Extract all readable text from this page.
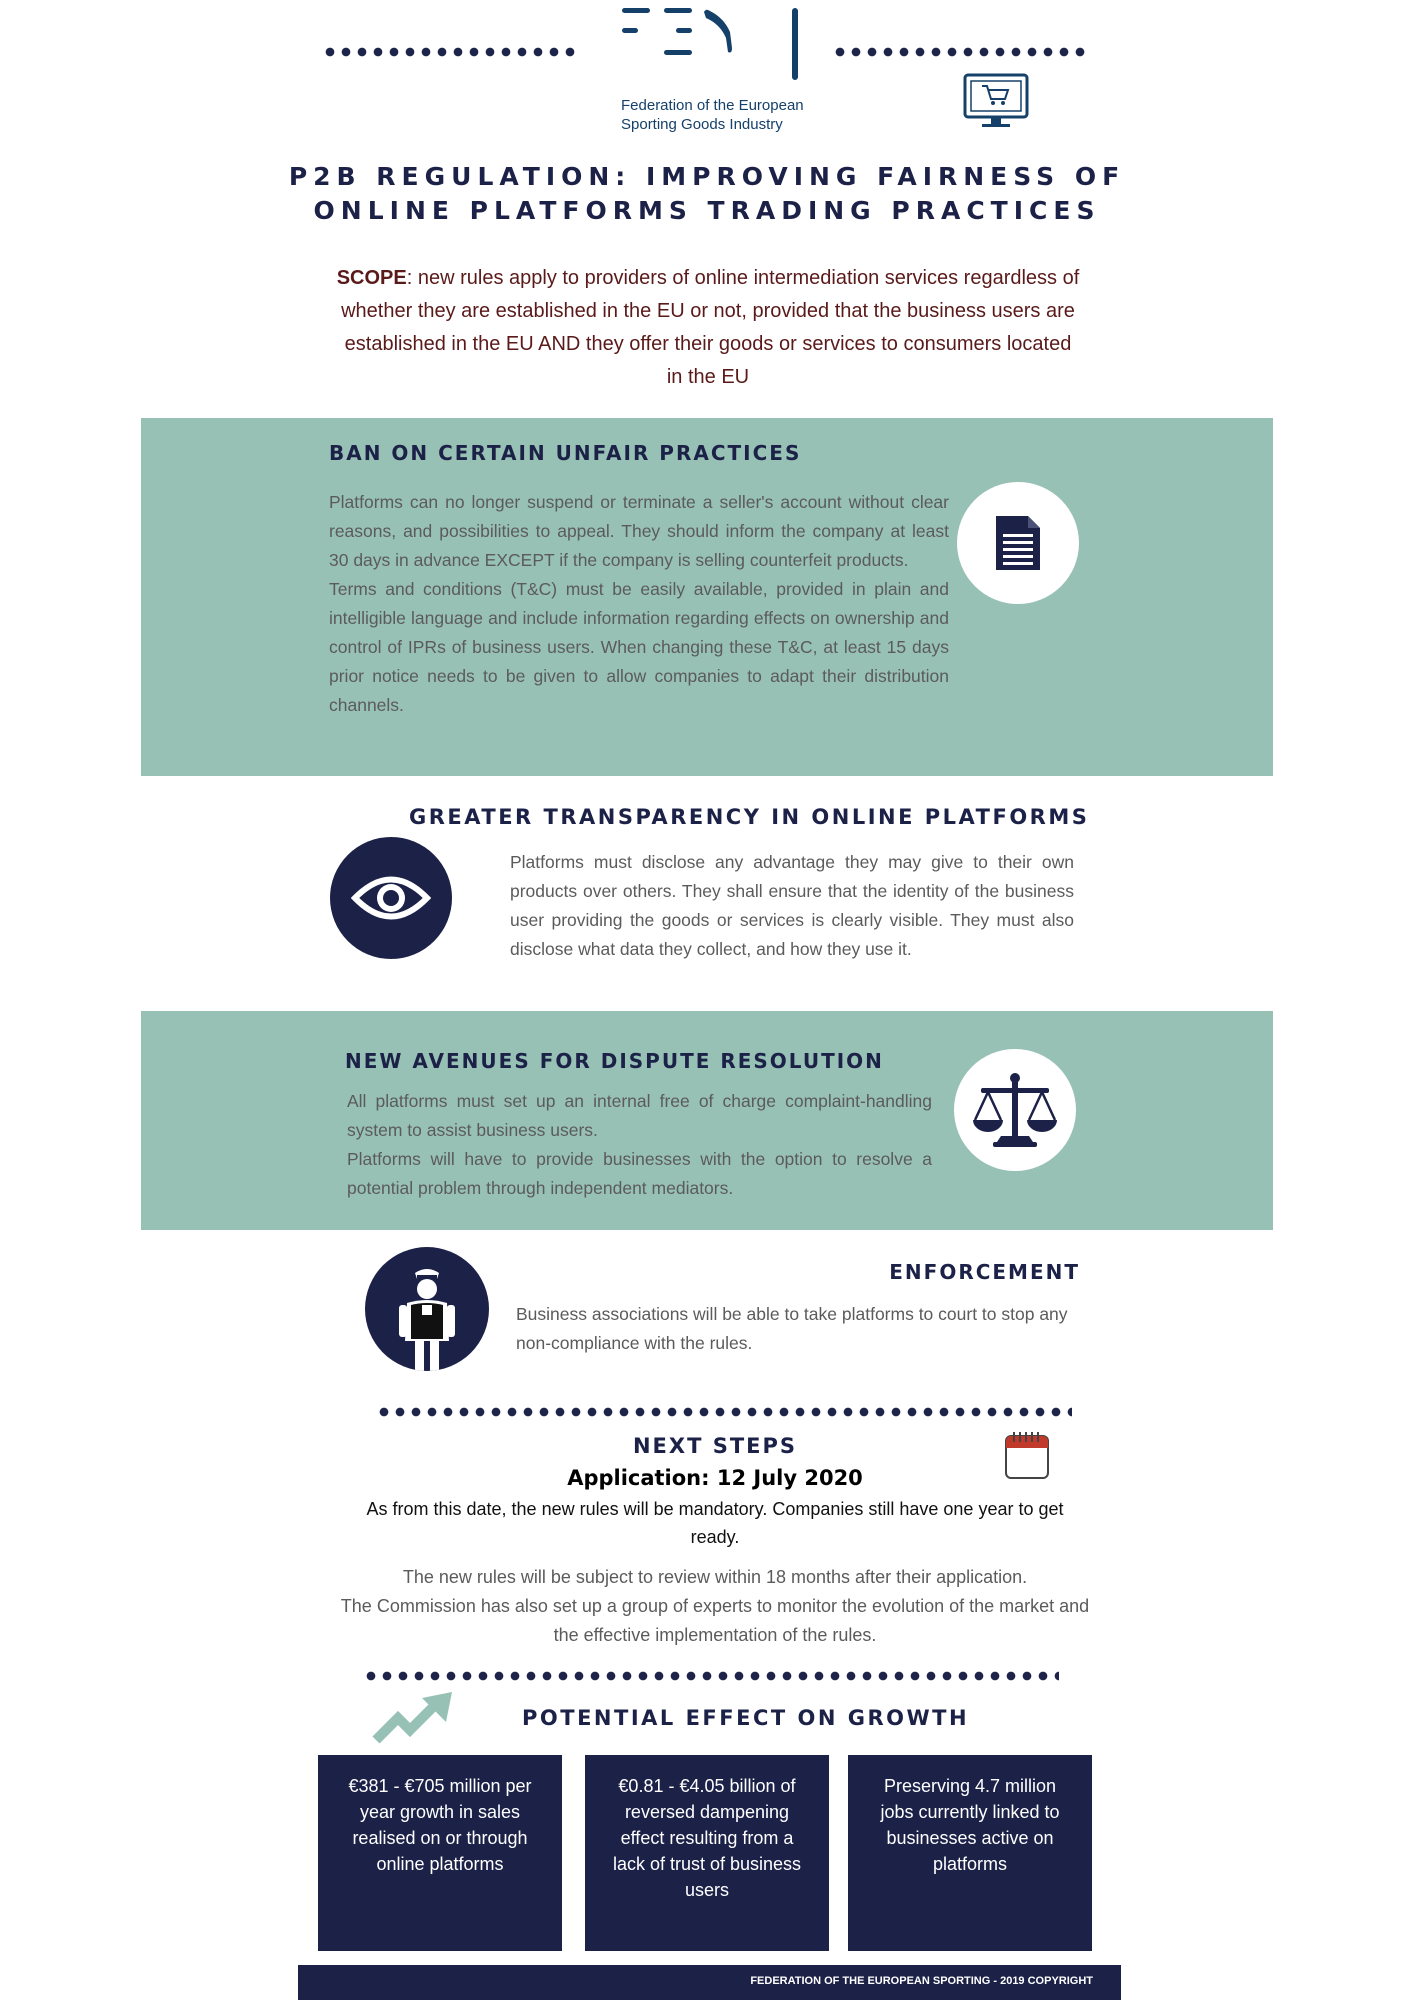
Federation of the European
Sporting Goods Industry
P2B REGULATION: IMPROVING FAIRNESS OF
ONLINE PLATFORMS TRADING PRACTICES
SCOPE: new rules apply to providers of online intermediation services regardless of whether they are established in the EU or not, provided that the business users are established in the EU AND they offer their goods or services to consumers located in the EU
BAN ON CERTAIN UNFAIR PRACTICES

Platforms can no longer suspend or terminate a seller's account without clear reasons, and possibilities to appeal. They should inform the company at least 30 days in advance EXCEPT if the company is selling counterfeit products.

Terms and conditions (T&C) must be easily available, provided in plain and intelligible language and include information regarding effects on ownership and control of IPRs of business users. When changing these T&C, at least 15 days prior notice needs to be given to allow companies to adapt their distribution channels.

GREATER TRANSPARENCY IN ONLINE PLATFORMS

Platforms must disclose any advantage they may give to their own products over others. They shall ensure that the identity of the business user providing the goods or services is clearly visible. They must also disclose what data they collect, and how they use it.

NEW AVENUES FOR DISPUTE RESOLUTION

All platforms must set up an internal free of charge complaint-handling system to assist business users.

Platforms will have to provide businesses with the option to resolve a potential problem through independent mediators.

ENFORCEMENT

Business associations will be able to take platforms to court to stop any non-compliance with the rules.

NEXT STEPS
Application: 12 July 2020
As from this date, the new rules will be mandatory. Companies still have one year to get ready.
The new rules will be subject to review within 18 months after their application.
The Commission has also set up a group of experts to monitor the evolution of the market and the effective implementation of the rules.
POTENTIAL EFFECT ON GROWTH
€381 - €705 million per year growth in sales realised on or through online platforms
€0.81 - €4.05 billion of reversed dampening effect resulting from a lack of trust of business users
Preserving 4.7 million jobs currently linked to businesses active on platforms
FEDERATION OF THE EUROPEAN SPORTING - 2019 COPYRIGHT
